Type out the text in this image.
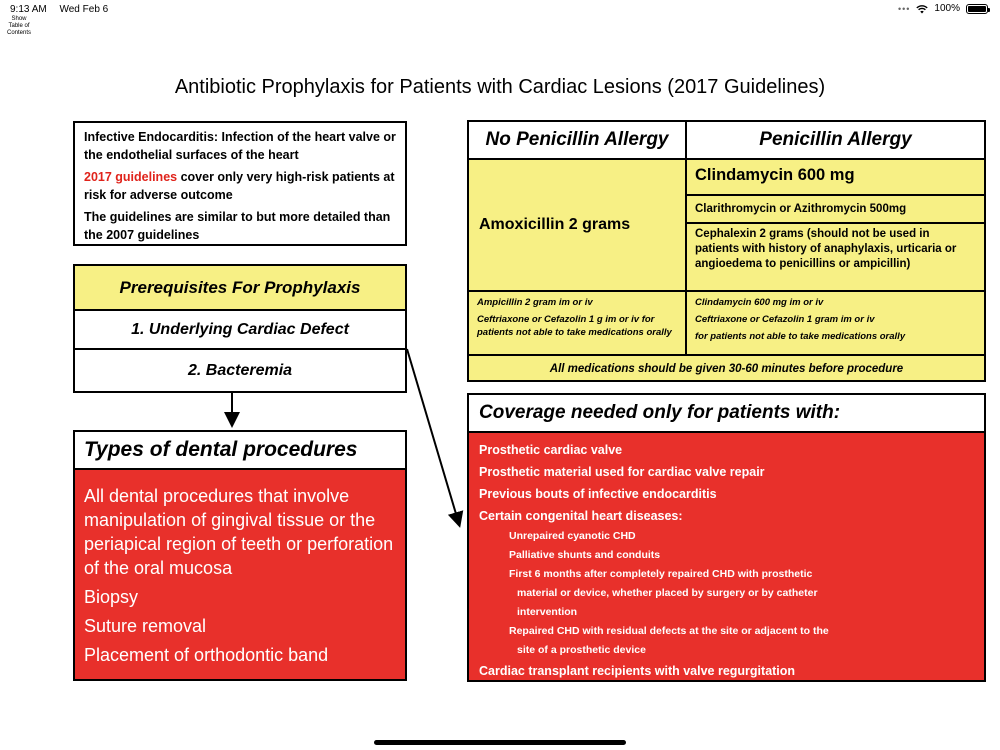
9:13 AM Wed Feb 6	••• 100%
Show Table of Contents
Antibiotic Prophylaxis for Patients with Cardiac Lesions (2017 Guidelines)

Infective Endocarditis: Infection of the heart valve or the endothelial surfaces of the heart

2017 guidelines cover only very high-risk patients at risk for adverse outcome

The guidelines are similar to but more detailed than the 2007 guidelines

Prerequisites For Prophylaxis
1. Underlying Cardiac Defect
2. Bacteremia
Types of dental procedures
All dental procedures that involve manipulation of gingival tissue or the periapical region of teeth or perforation of the oral mucosa
Biopsy
Suture removal
Placement of orthodontic band
No Penicillin Allergy	Penicillin Allergy
Amoxicillin 2 grams
Clindamycin 600 mg
Clarithromycin or Azithromycin 500mg
Cephalexin 2 grams (should not be used in patients with history of anaphylaxis, urticaria or angioedema to penicillins or ampicillin)
Ampicillin 2 gram im or iv
Ceftriaxone or Cefazolin 1 g im or iv for patients not able to take medications orally
Clindamycin 600 mg im or iv
Ceftriaxone or Cefazolin 1 gram im or iv
for patients not able to take medications orally
All medications should be given 30-60 minutes before procedure
Coverage needed only for patients with:
Prosthetic cardiac valve
Prosthetic material used for cardiac valve repair
Previous bouts of infective endocarditis
Certain congenital heart diseases:
Unrepaired cyanotic CHD
Palliative shunts and conduits
First 6 months after completely repaired CHD with prosthetic
material or device, whether placed by surgery or by catheter
intervention
Repaired CHD with residual defects at the site or adjacent to the
site of a prosthetic device
Cardiac transplant recipients with valve regurgitation
